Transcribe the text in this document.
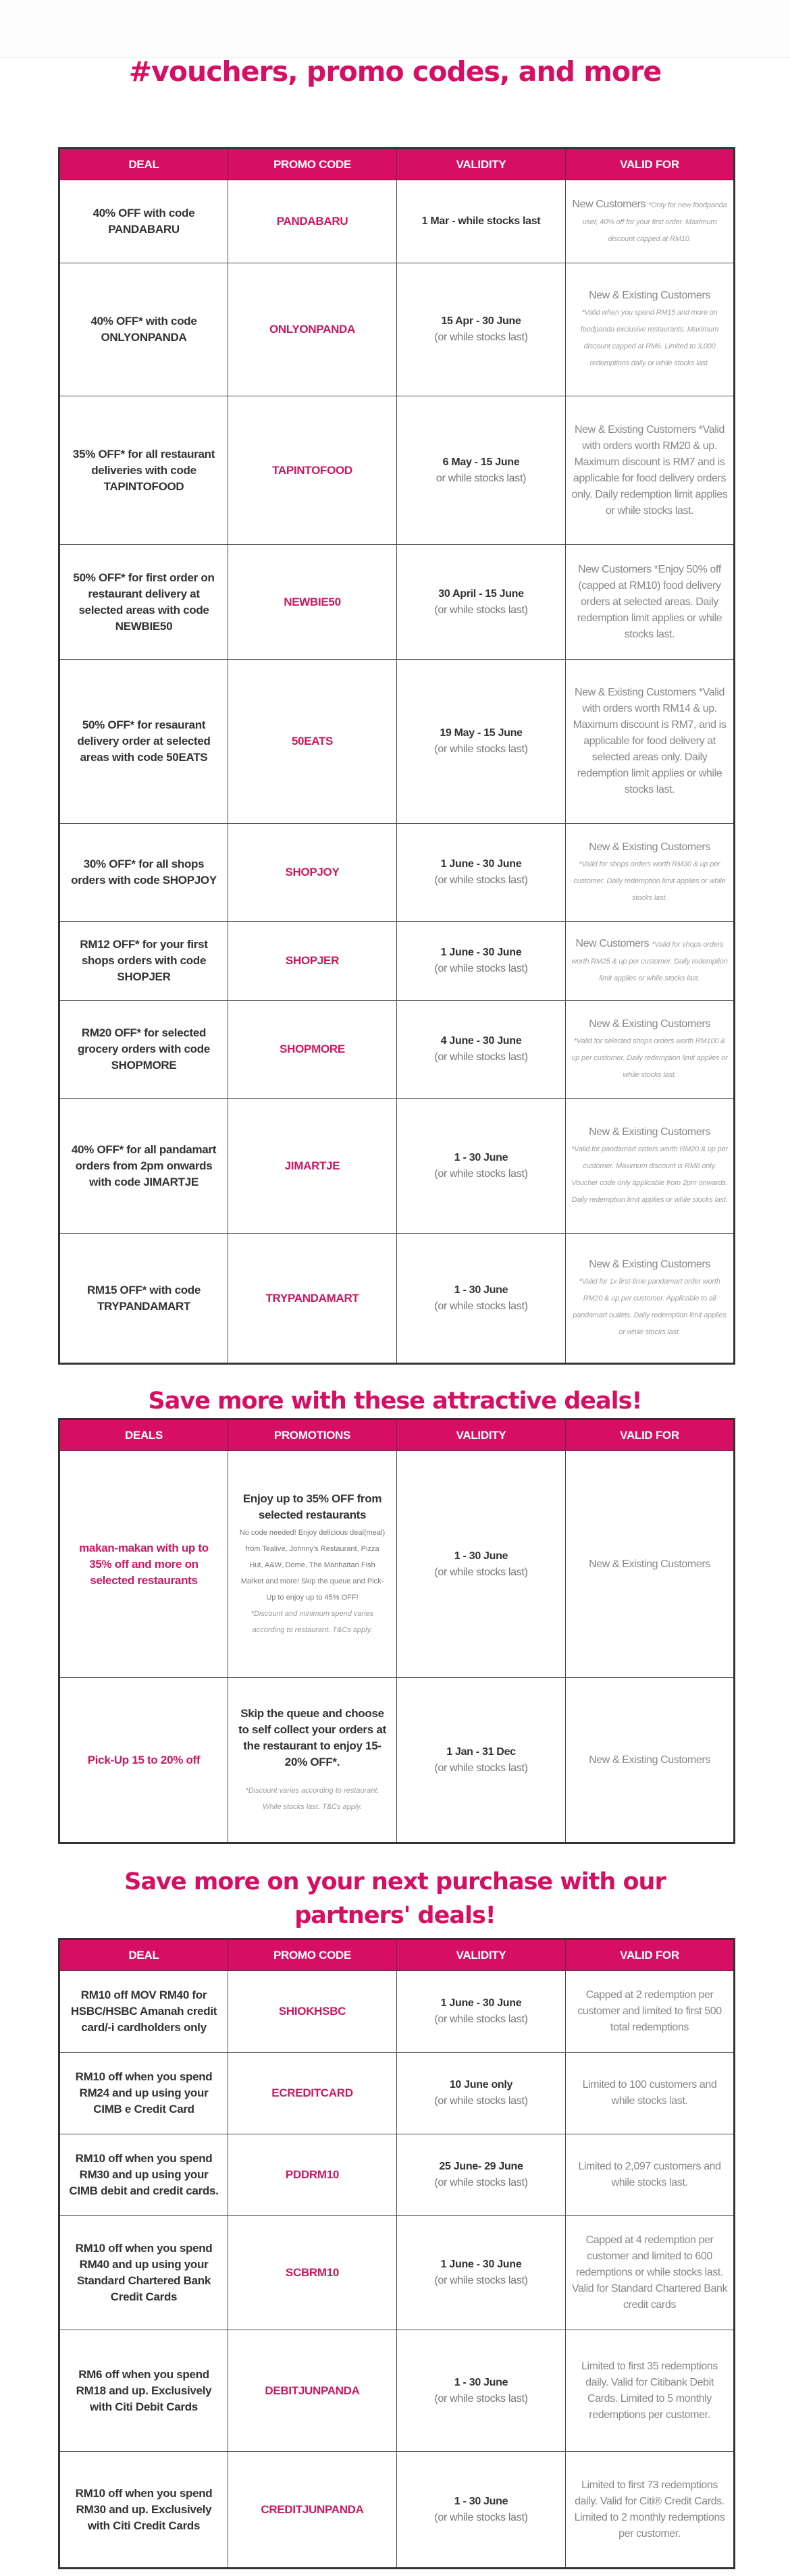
#vouchers, promo codes, and more
DEAL	PROMO CODE	VALIDITY	VALID FOR
40% OFF with code PANDABARU	PANDABARU	1 Mar - while stocks last	New Customers *Only for new foodpanda user, 40% off for your first order. Maximum discount capped at RM10.
40% OFF* with code ONLYONPANDA	ONLYONPANDA	15 Apr - 30 June
(or while stocks last)	New & Existing Customers
*Valid when you spend RM15 and more on foodpanda exclusive restaurants. Maximum discount capped at RM6. Limited to 3,000 redemptions daily or while stocks last.
35% OFF* for all restaurant deliveries with code TAPINTOFOOD	TAPINTOFOOD	6 May - 15 June
or while stocks last)	New & Existing Customers *Valid with orders worth RM20 & up. Maximum discount is RM7 and is applicable for food delivery orders only. Daily redemption limit applies or while stocks last.
50% OFF* for first order on restaurant delivery at selected areas with code NEWBIE50	NEWBIE50	30 April - 15 June
(or while stocks last)	New Customers *Enjoy 50% off (capped at RM10) food delivery orders at selected areas. Daily redemption limit applies or while stocks last.
50% OFF* for resaurant delivery order at selected areas with code 50EATS	50EATS	19 May - 15 June
(or while stocks last)	New & Existing Customers *Valid with orders worth RM14 & up. Maximum discount is RM7, and is applicable for food delivery at selected areas only. Daily redemption limit applies or while stocks last.
30% OFF* for all shops orders with code SHOPJOY	SHOPJOY	1 June - 30 June
(or while stocks last)	New & Existing Customers
*Valid for shops orders worth RM30 & up per customer. Daily redemption limit applies or while stocks last.
RM12 OFF* for your first shops orders with code SHOPJER	SHOPJER	1 June - 30 June
(or while stocks last)	New Customers *Valid for shops orders worth RM25 & up per customer. Daily redemption limit applies or while stocks last.
RM20 OFF* for selected grocery orders with code SHOPMORE	SHOPMORE	4 June - 30 June
(or while stocks last)	New & Existing Customers
*Valid for selected shops orders worth RM100 & up per customer. Daily redemption limit applies or while stocks last.
40% OFF* for all pandamart orders from 2pm onwards with code JIMARTJE	JIMARTJE	1 - 30 June
(or while stocks last)	New & Existing Customers
*Valid for pandamart orders worth RM20 & up per customer. Maximum discount is RM8 only. Voucher code only applicable from 2pm onwards. Daily redemption limit applies or while stocks last.
RM15 OFF* with code TRYPANDAMART	TRYPANDAMART	1 - 30 June
(or while stocks last)	New & Existing Customers
*Valid for 1x first-time pandamart order worth RM20 & up per customer. Applicable to all pandamart outlets. Daily redemption limit applies or while stocks last.
Save more with these attractive deals!
DEALS	PROMOTIONS	VALIDITY	VALID FOR
makan-makan with up to 35% off and more on selected restaurants	Enjoy up to 35% OFF from selected restaurants
No code needed! Enjoy delicious deal(meal) from Tealive, Johnny's Restaurant, Pizza Hut, A&W, Dome, The Manhattan Fish Market and more! Skip the queue and Pick-Up to enjoy up to 45% OFF!
*Discount and minimum spend varies according to restaurant. T&Cs apply.	1 - 30 June
(or while stocks last)	New & Existing Customers
Pick-Up 15 to 20% off	Skip the queue and choose to self collect your orders at the restaurant to enjoy 15-20% OFF*.
*Discount varies according to restaurant. While stocks last. T&Cs apply.	1 Jan - 31 Dec
(or while stocks last)	New & Existing Customers
Save more on your next purchase with our partners' deals!
DEAL	PROMO CODE	VALIDITY	VALID FOR
RM10 off MOV RM40 for HSBC/HSBC Amanah credit card/-i cardholders only	SHIOKHSBC	1 June - 30 June
(or while stocks last)	Capped at 2 redemption per customer and limited to first 500 total redemptions
RM10 off when you spend RM24 and up using your CIMB e Credit Card	ECREDITCARD	10 June only
(or while stocks last)	Limited to 100 customers and while stocks last.
RM10 off when you spend RM30 and up using your CIMB debit and credit cards.	PDDRM10	25 June- 29 June
(or while stocks last)	Limited to 2,097 customers and while stocks last.
RM10 off when you spend RM40 and up using your Standard Chartered Bank Credit Cards	SCBRM10	1 June - 30 June
(or while stocks last)	Capped at 4 redemption per customer and limited to 600 redemptions or while stocks last. Valid for Standard Chartered Bank credit cards
RM6 off when you spend RM18 and up. Exclusively with Citi Debit Cards	DEBITJUNPANDA	1 - 30 June
(or while stocks last)	Limited to first 35 redemptions daily. Valid for Citibank Debit Cards. Limited to 5 monthly redemptions per customer.
RM10 off when you spend RM30 and up. Exclusively with Citi Credit Cards	CREDITJUNPANDA	1 - 30 June
(or while stocks last)	Limited to first 73 redemptions daily. Valid for Citi® Credit Cards. Limited to 2 monthly redemptions per customer.
